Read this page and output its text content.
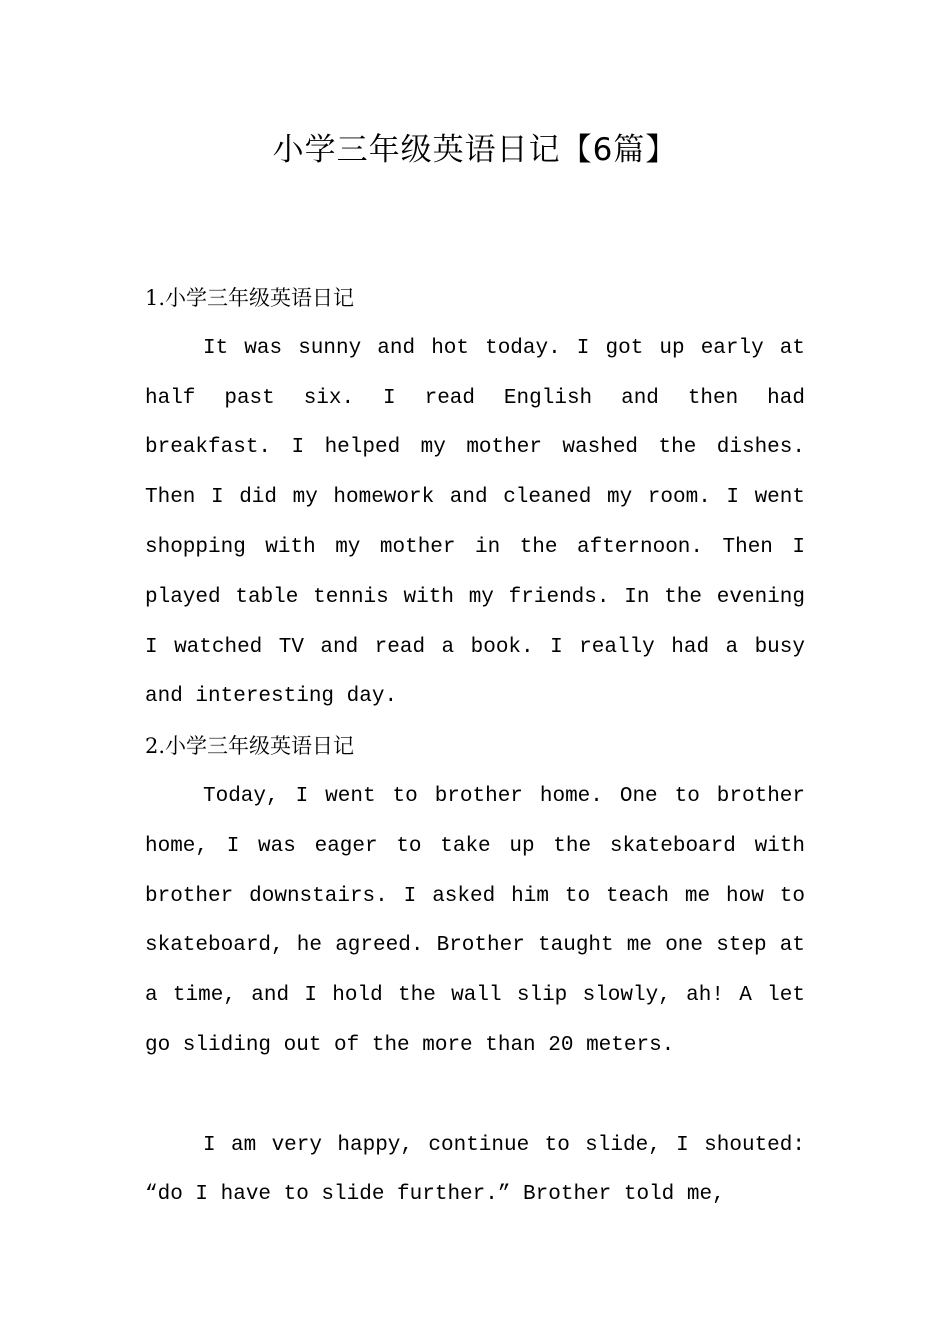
小学三年级英语日记【6篇】

1.小学三年级英语日记

It was sunny and hot today. I got up early at half past six. I read English and then had breakfast. I helped my mother washed the dishes. Then I did my homework and cleaned my room. I went shopping with my mother in the afternoon. Then I played table tennis with my friends. In the evening I watched TV and read a book. I really had a busy and interesting day.

2.小学三年级英语日记

Today, I went to brother home. One to brother home, I was eager to take up the skateboard with brother downstairs. I asked him to teach me how to skateboard, he agreed. Brother taught me one step at a time, and I hold the wall slip slowly, ah! A let go sliding out of the more than 20 meters.

I am very happy, continue to slide, I shouted: “do I have to slide further.” Brother told me,
